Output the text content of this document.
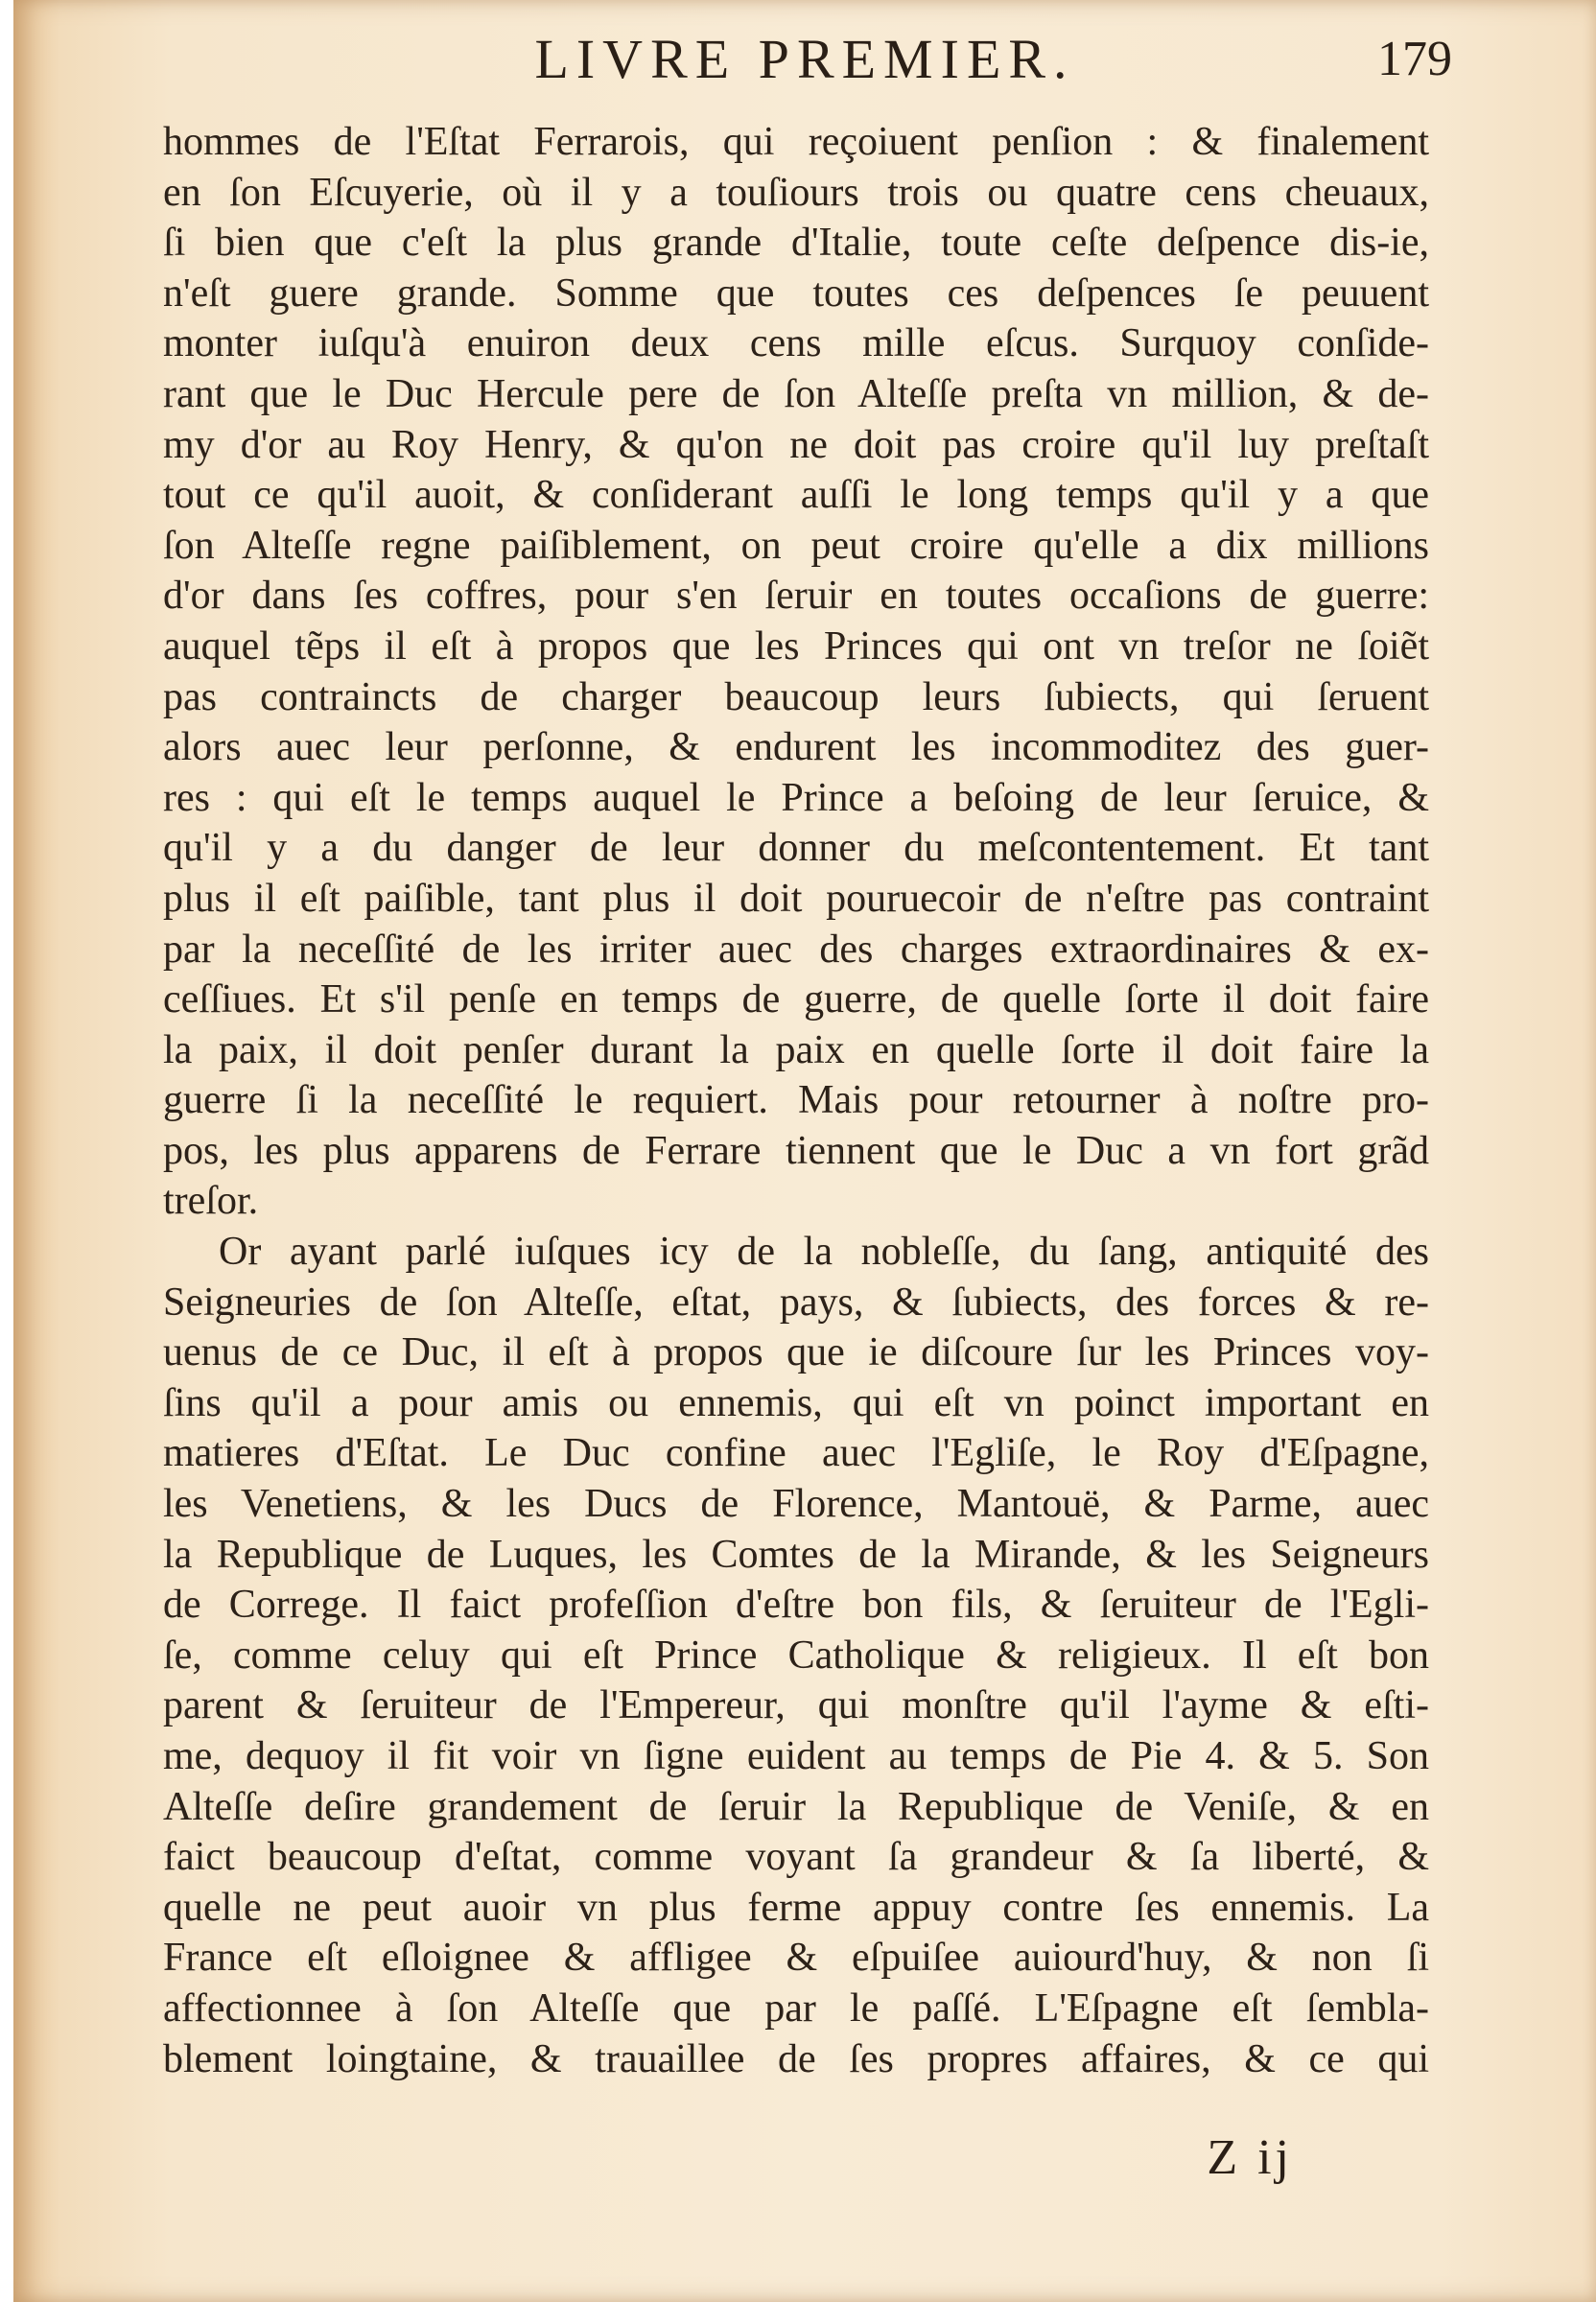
LIVRE PREMIER.	179
hommes de l'Eſtat Ferrarois, qui reçoiuent penſion : & finalement
en ſon Eſcuyerie, où il y a touſiours trois ou quatre cens cheuaux,
ſi bien que c'eſt la plus grande d'Italie, toute ceſte deſpence dis-ie,
n'eſt guere grande. Somme que toutes ces deſpences ſe peuuent
monter iuſqu'à enuiron deux cens mille eſcus. Surquoy conſide-
rant que le Duc Hercule pere de ſon Alteſſe preſta vn million, & de-
my d'or au Roy Henry, & qu'on ne doit pas croire qu'il luy preſtaſt
tout ce qu'il auoit, & conſiderant auſſi le long temps qu'il y a que
ſon Alteſſe regne paiſiblement, on peut croire qu'elle a dix millions
d'or dans ſes coffres, pour s'en ſeruir en toutes occaſions de guerre:
auquel tẽps il eſt à propos que les Princes qui ont vn treſor ne ſoiẽt
pas contraincts de charger beaucoup leurs ſubiects, qui ſeruent
alors auec leur perſonne, & endurent les incommoditez des guer-
res : qui eſt le temps auquel le Prince a beſoing de leur ſeruice, &
qu'il y a du danger de leur donner du meſcontentement. Et tant
plus il eſt paiſible, tant plus il doit pouruecoir de n'eſtre pas contraint
par la neceſſité de les irriter auec des charges extraordinaires & ex-
ceſſiues. Et s'il penſe en temps de guerre, de quelle ſorte il doit faire
la paix, il doit penſer durant la paix en quelle ſorte il doit faire la
guerre ſi la neceſſité le requiert. Mais pour retourner à noſtre pro-
pos, les plus apparens de Ferrare tiennent que le Duc a vn fort grãd
treſor.
Or ayant parlé iuſques icy de la nobleſſe, du ſang, antiquité des
Seigneuries de ſon Alteſſe, eſtat, pays, & ſubiects, des forces & re-
uenus de ce Duc, il eſt à propos que ie diſcoure ſur les Princes voy-
ſins qu'il a pour amis ou ennemis, qui eſt vn poinct important en
matieres d'Eſtat. Le Duc confine auec l'Egliſe, le Roy d'Eſpagne,
les Venetiens, & les Ducs de Florence, Mantouë, & Parme, auec
la Republique de Luques, les Comtes de la Mirande, & les Seigneurs
de Correge. Il faict profeſſion d'eſtre bon fils, & ſeruiteur de l'Egli-
ſe, comme celuy qui eſt Prince Catholique & religieux. Il eſt bon
parent & ſeruiteur de l'Empereur, qui monſtre qu'il l'ayme & eſti-
me, dequoy il fit voir vn ſigne euident au temps de Pie 4. & 5. Son
Alteſſe deſire grandement de ſeruir la Republique de Veniſe, & en
faict beaucoup d'eſtat, comme voyant ſa grandeur & ſa liberté, &
quelle ne peut auoir vn plus ferme appuy contre ſes ennemis. La
France eſt eſloignee & affligee & eſpuiſee auiourd'huy, & non ſi
affectionnee à ſon Alteſſe que par le paſſé. L'Eſpagne eſt ſembla-
blement loingtaine, & trauaillee de ſes propres affaires, & ce qui
Z ij
